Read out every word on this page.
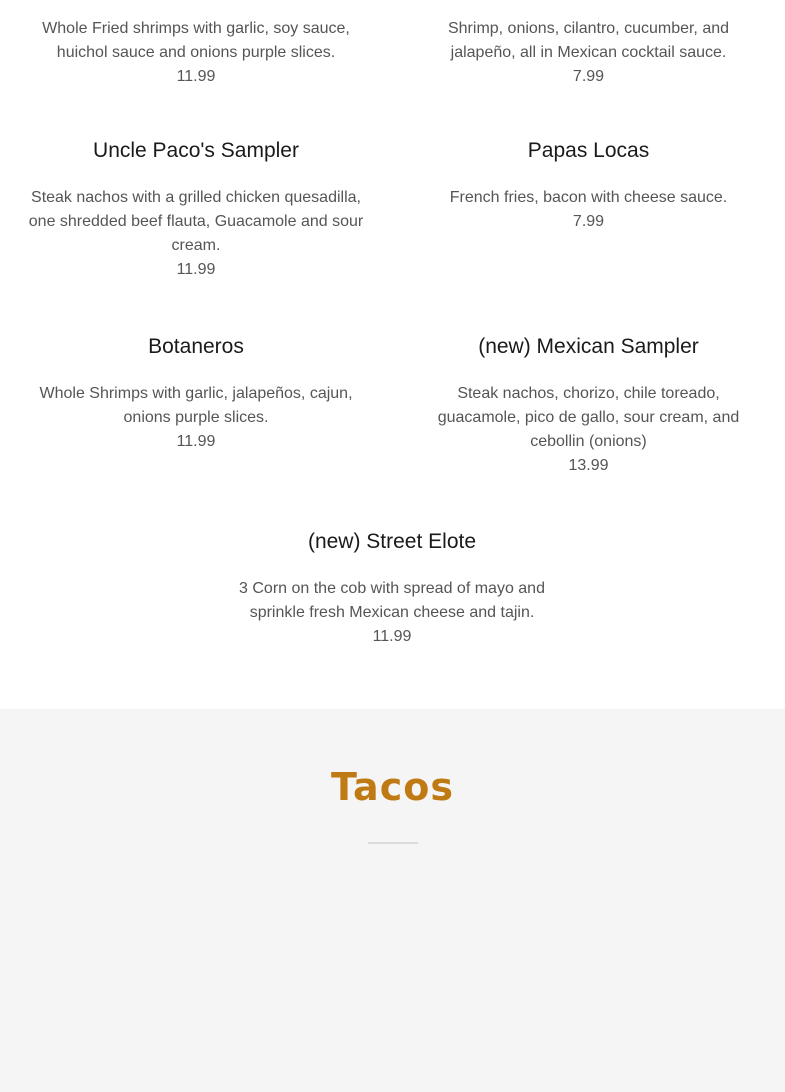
Whole Fried shrimps with garlic, soy sauce, huichol sauce and onions purple slices.

11.99

Shrimp, onions, cilantro, cucumber, and jalapeño, all in Mexican cocktail sauce.

7.99

Uncle Paco's Sampler

Steak nachos with a grilled chicken quesadilla, one shredded beef flauta, Guacamole and sour cream.

11.99

Papas Locas

French fries, bacon with cheese sauce.

7.99

Botaneros

Whole Shrimps with garlic, jalapeños, cajun, onions purple slices.

11.99

(new) Mexican Sampler

Steak nachos, chorizo, chile toreado, guacamole, pico de gallo, sour cream, and cebollin (onions)

13.99

(new) Street Elote

3 Corn on the cob with spread of mayo and sprinkle fresh Mexican cheese and tajin.

11.99

Tacos
